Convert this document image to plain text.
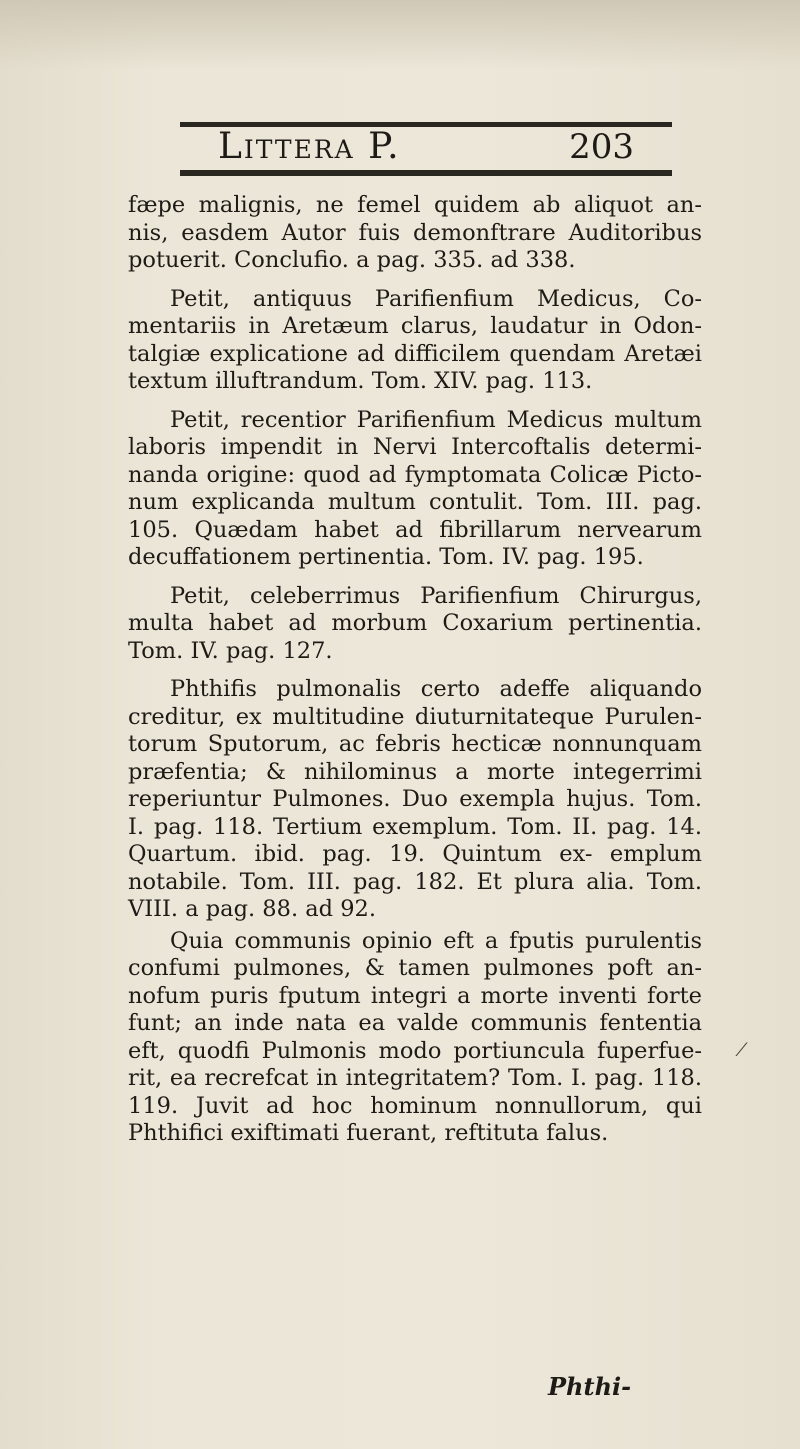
Littera P.	203

fæpe malignis, ne femel quidem ab aliquot an- nis, easdem Autor fuis demonftrare Auditoribus potuerit. Conclufio. a pag. 335. ad 338.

Petit, antiquus Parifienfium Medicus, Co- mentariis in Aretæum clarus, laudatur in Odon- talgiæ explicatione ad difficilem quendam Aretæi textum illuftrandum. Tom. XIV. pag. 113.

Petit, recentior Parifienfium Medicus multum laboris impendit in Nervi Intercoftalis determi- nanda origine: quod ad fymptomata Colicæ Picto- num explicanda multum contulit. Tom. III. pag. 105. Quædam habet ad fibrillarum nervearum decuffationem pertinentia. Tom. IV. pag. 195.

Petit, celeberrimus Parifienfium Chirurgus, multa habet ad morbum Coxarium pertinentia. Tom. IV. pag. 127.

Phthifis pulmonalis certo adeffe aliquando creditur, ex multitudine diuturnitateque Purulen- torum Sputorum, ac febris hecticæ nonnunquam præfentia; & nihilominus a morte integerrimi reperiuntur Pulmones. Duo exempla hujus. Tom. I. pag. 118. Tertium exemplum. Tom. II. pag. 14. Quartum. ibid. pag. 19. Quintum ex- emplum notabile. Tom. III. pag. 182. Et plura alia. Tom. VIII. a pag. 88. ad 92.

Quia communis opinio eft a fputis purulentis confumi pulmones, & tamen pulmones poft an- nofum puris fputum integri a morte inventi forte funt; an inde nata ea valde communis fententia eft, quodfi Pulmonis modo portiuncula fuperfue- rit, ea recrefcat in integritatem? Tom. I. pag. 118. 119. Juvit ad hoc hominum nonnullorum, qui Phthifici exiftimati fuerant, reftituta falus.

⁄
Phthi-
